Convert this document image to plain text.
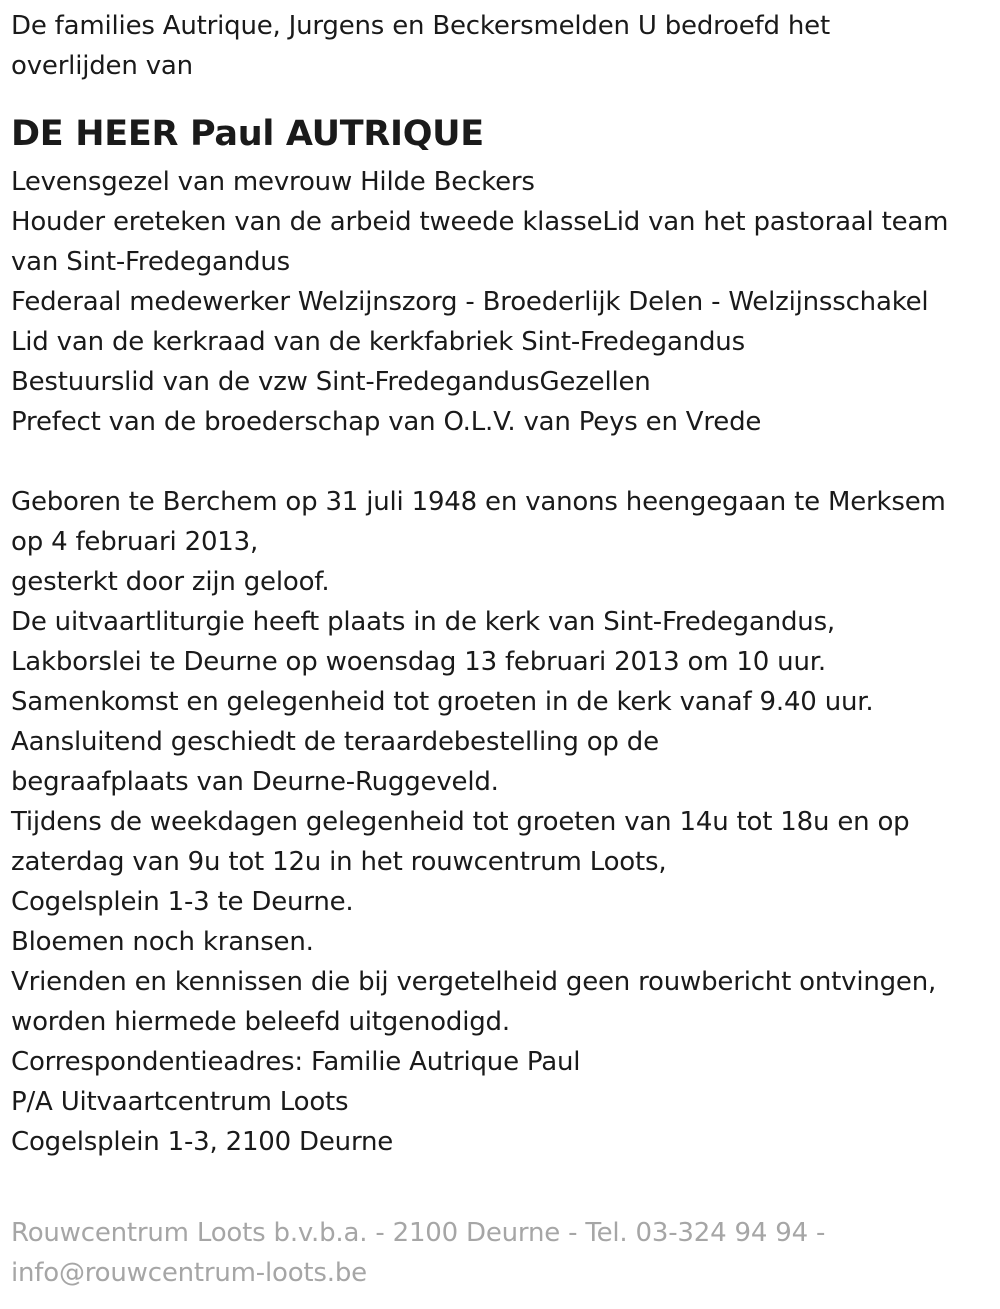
De families Autrique, Jurgens en Beckersmelden U bedroefd het
overlijden van
DE HEER Paul AUTRIQUE
Levensgezel van mevrouw Hilde Beckers
Houder ereteken van de arbeid tweede klasseLid van het pastoraal team
van Sint-Fredegandus
Federaal medewerker Welzijnszorg - Broederlijk Delen - Welzijnsschakel
Lid van de kerkraad van de kerkfabriek Sint-Fredegandus
Bestuurslid van de vzw Sint-FredegandusGezellen
Prefect van de broederschap van O.L.V. van Peys en Vrede
Geboren te Berchem op 31 juli 1948 en vanons heengegaan te Merksem
op 4 februari 2013,
gesterkt door zijn geloof.
De uitvaartliturgie heeft plaats in de kerk van Sint-Fredegandus,
Lakborslei te Deurne op woensdag 13 februari 2013 om 10 uur.
Samenkomst en gelegenheid tot groeten in de kerk vanaf 9.40 uur.
Aansluitend geschiedt de teraardebestelling op de
begraafplaats van Deurne-Ruggeveld.
Tijdens de weekdagen gelegenheid tot groeten van 14u tot 18u en op
zaterdag van 9u tot 12u in het rouwcentrum Loots,
Cogelsplein 1-3 te Deurne.
Bloemen noch kransen.
Vrienden en kennissen die bij vergetelheid geen rouwbericht ontvingen,
worden hiermede beleefd uitgenodigd.
Correspondentieadres: Familie Autrique Paul
P/A Uitvaartcentrum Loots
Cogelsplein 1-3, 2100 Deurne
Rouwcentrum Loots b.v.b.a. - 2100 Deurne - Tel. 03-324 94 94 -
info@rouwcentrum-loots.be
